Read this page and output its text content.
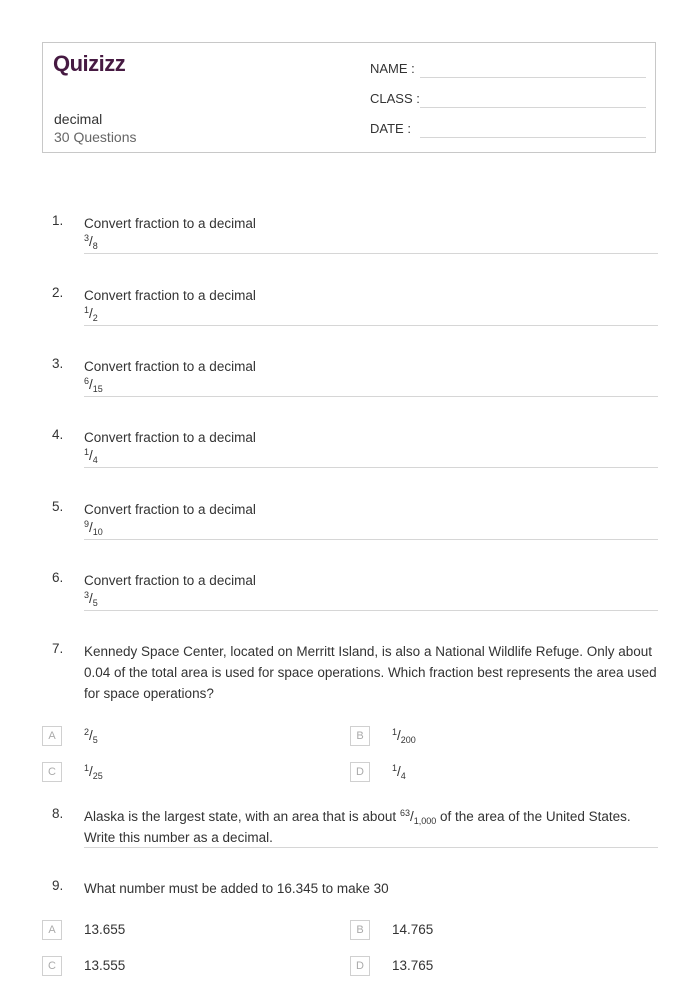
Quizizz
decimal
30 Questions
NAME :
CLASS :
DATE :
1. Convert fraction to a decimal
$^3/_8$
2. Convert fraction to a decimal
$^1/_2$
3. Convert fraction to a decimal
$^6/_{15}$
4. Convert fraction to a decimal
$^1/_4$
5. Convert fraction to a decimal
$^9/_{10}$
6. Convert fraction to a decimal
$^3/_5$
7. Kennedy Space Center, located on Merritt Island, is also a National Wildlife Refuge. Only about 0.04 of the total area is used for space operations. Which fraction best represents the area used for space operations?
A	$^2/_5$	B	$^1/_{200}$
C	$^1/_{25}$	D	$^1/_4$
8. Alaska is the largest state, with an area that is about $^{63}/_{1,000}$ of the area of the United States. Write this number as a decimal.
9. What number must be added to 16.345 to make 30
A	13.655	B	14.765
C	13.555	D	13.765
